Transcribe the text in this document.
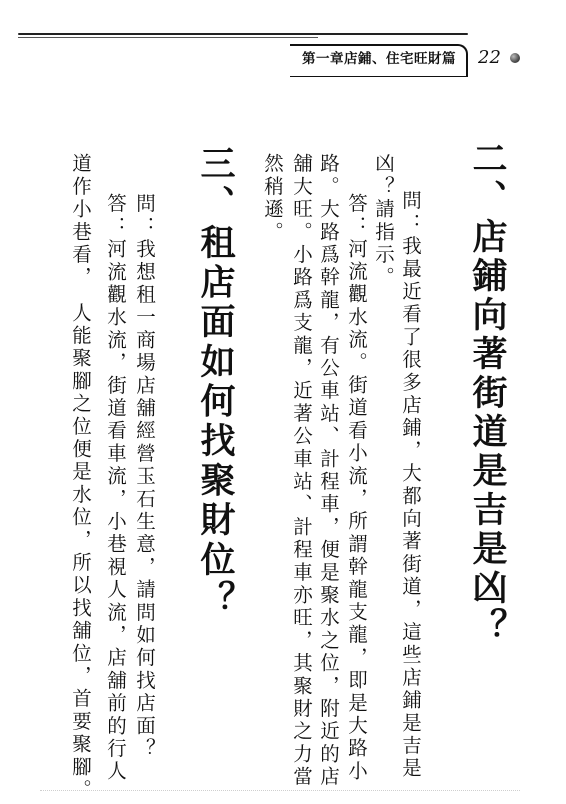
第一章店鋪、住宅旺財篇	22
二、店鋪向著街道是吉是凶？
問：我最近看了很多店鋪，大都向著街道，這些店鋪是吉是
凶？請指示。
　答：河流觀水流。街道看小流，所謂幹龍支龍，即是大路小
路。大路爲幹龍，有公車站、計程車，便是聚水之位，附近的店
舖大旺。小路爲支龍，近著公車站、計程車亦旺，其聚財之力當
然稍遜。
三、租店面如何找聚財位？
問：我想租一商場店舖經營玉石生意，請問如何找店面？
答：河流觀水流，街道看車流，小巷視人流，店舖前的行人
道作小巷看，　人能聚腳之位便是水位，所以找舖位，首要聚腳。
